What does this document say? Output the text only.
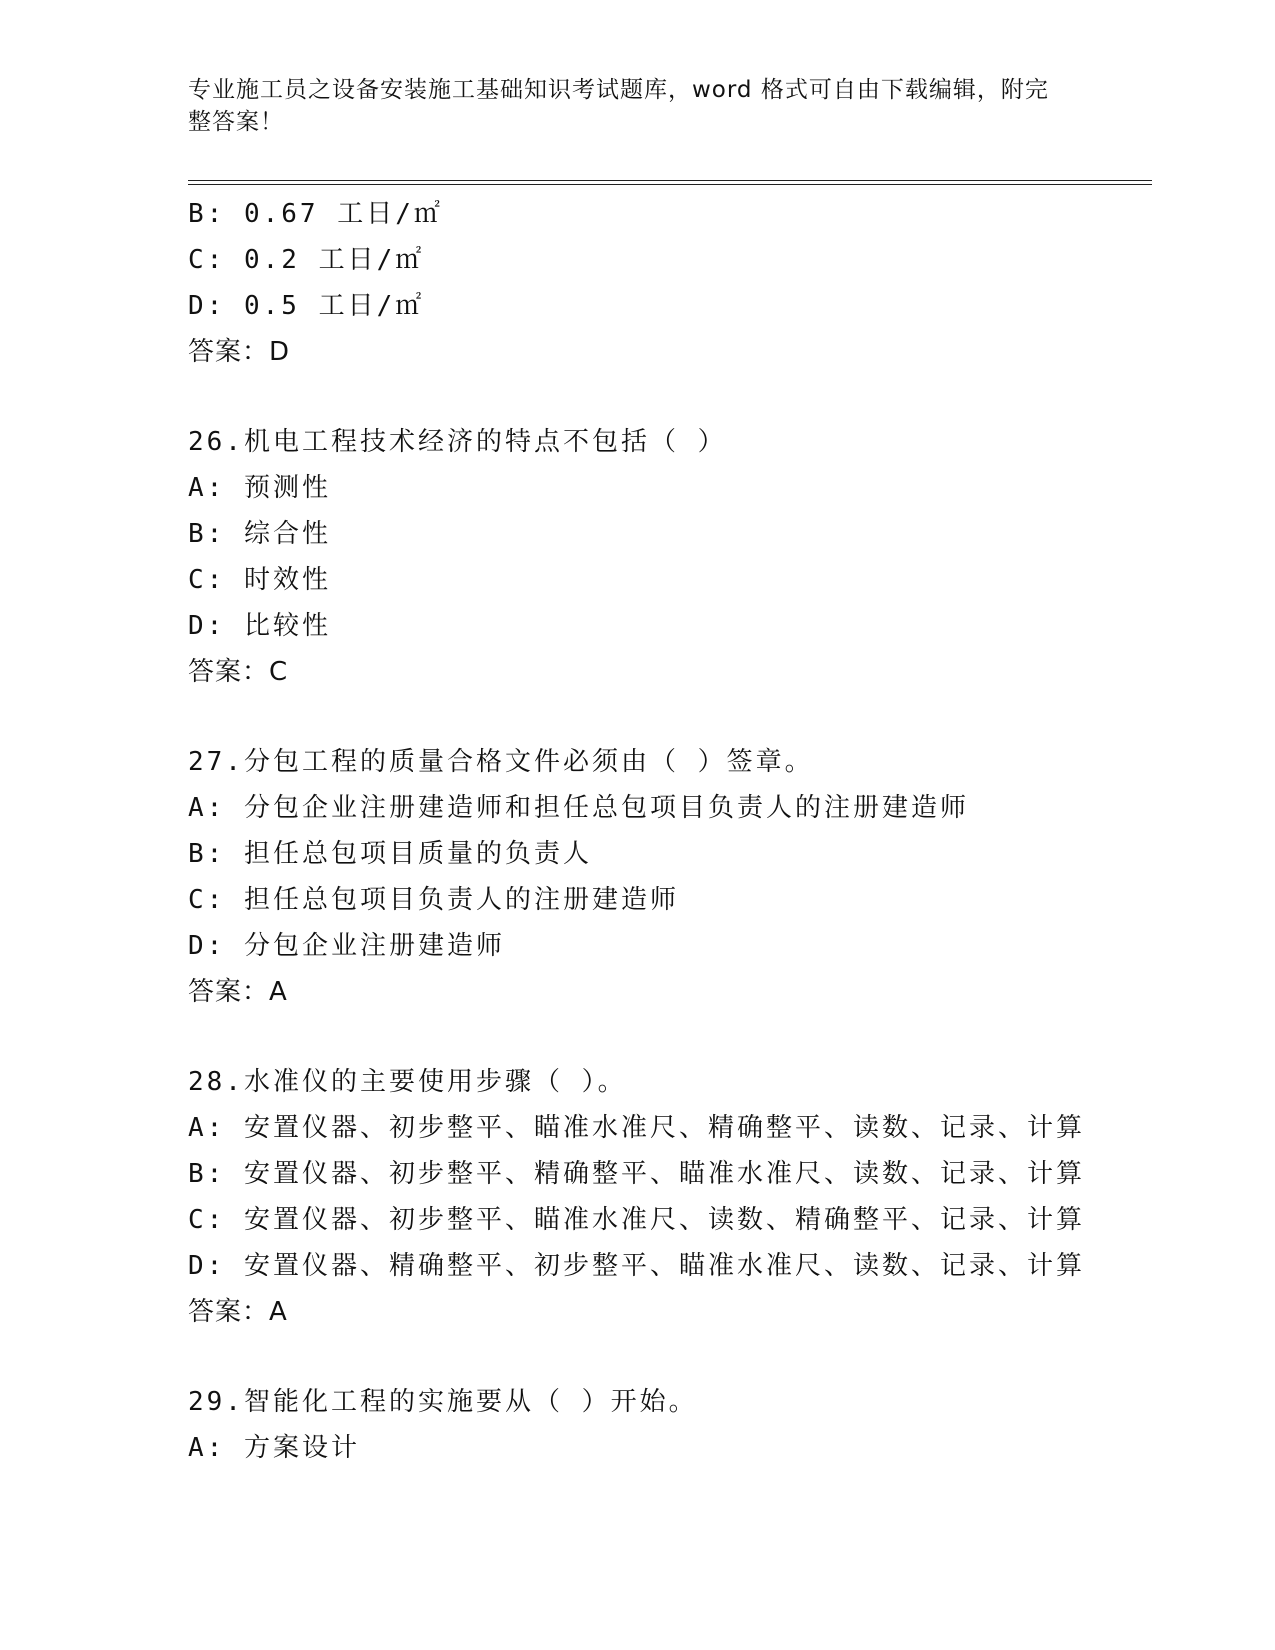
专业施工员之设备安装施工基础知识考试题库，word 格式可自由下载编辑，附完整答案！
B: 0.67 工日/㎡
C: 0.2 工日/㎡
D: 0.5 工日/㎡
答案：D
26.机电工程技术经济的特点不包括（ ）
A: 预测性
B: 综合性
C: 时效性
D: 比较性
答案：C
27.分包工程的质量合格文件必须由（ ）签章。
A: 分包企业注册建造师和担任总包项目负责人的注册建造师
B: 担任总包项目质量的负责人
C: 担任总包项目负责人的注册建造师
D: 分包企业注册建造师
答案：A
28.水准仪的主要使用步骤（ ）。
A: 安置仪器、初步整平、瞄准水准尺、精确整平、读数、记录、计算
B: 安置仪器、初步整平、精确整平、瞄准水准尺、读数、记录、计算
C: 安置仪器、初步整平、瞄准水准尺、读数、精确整平、记录、计算
D: 安置仪器、精确整平、初步整平、瞄准水准尺、读数、记录、计算
答案：A
29.智能化工程的实施要从（ ）开始。
A: 方案设计
